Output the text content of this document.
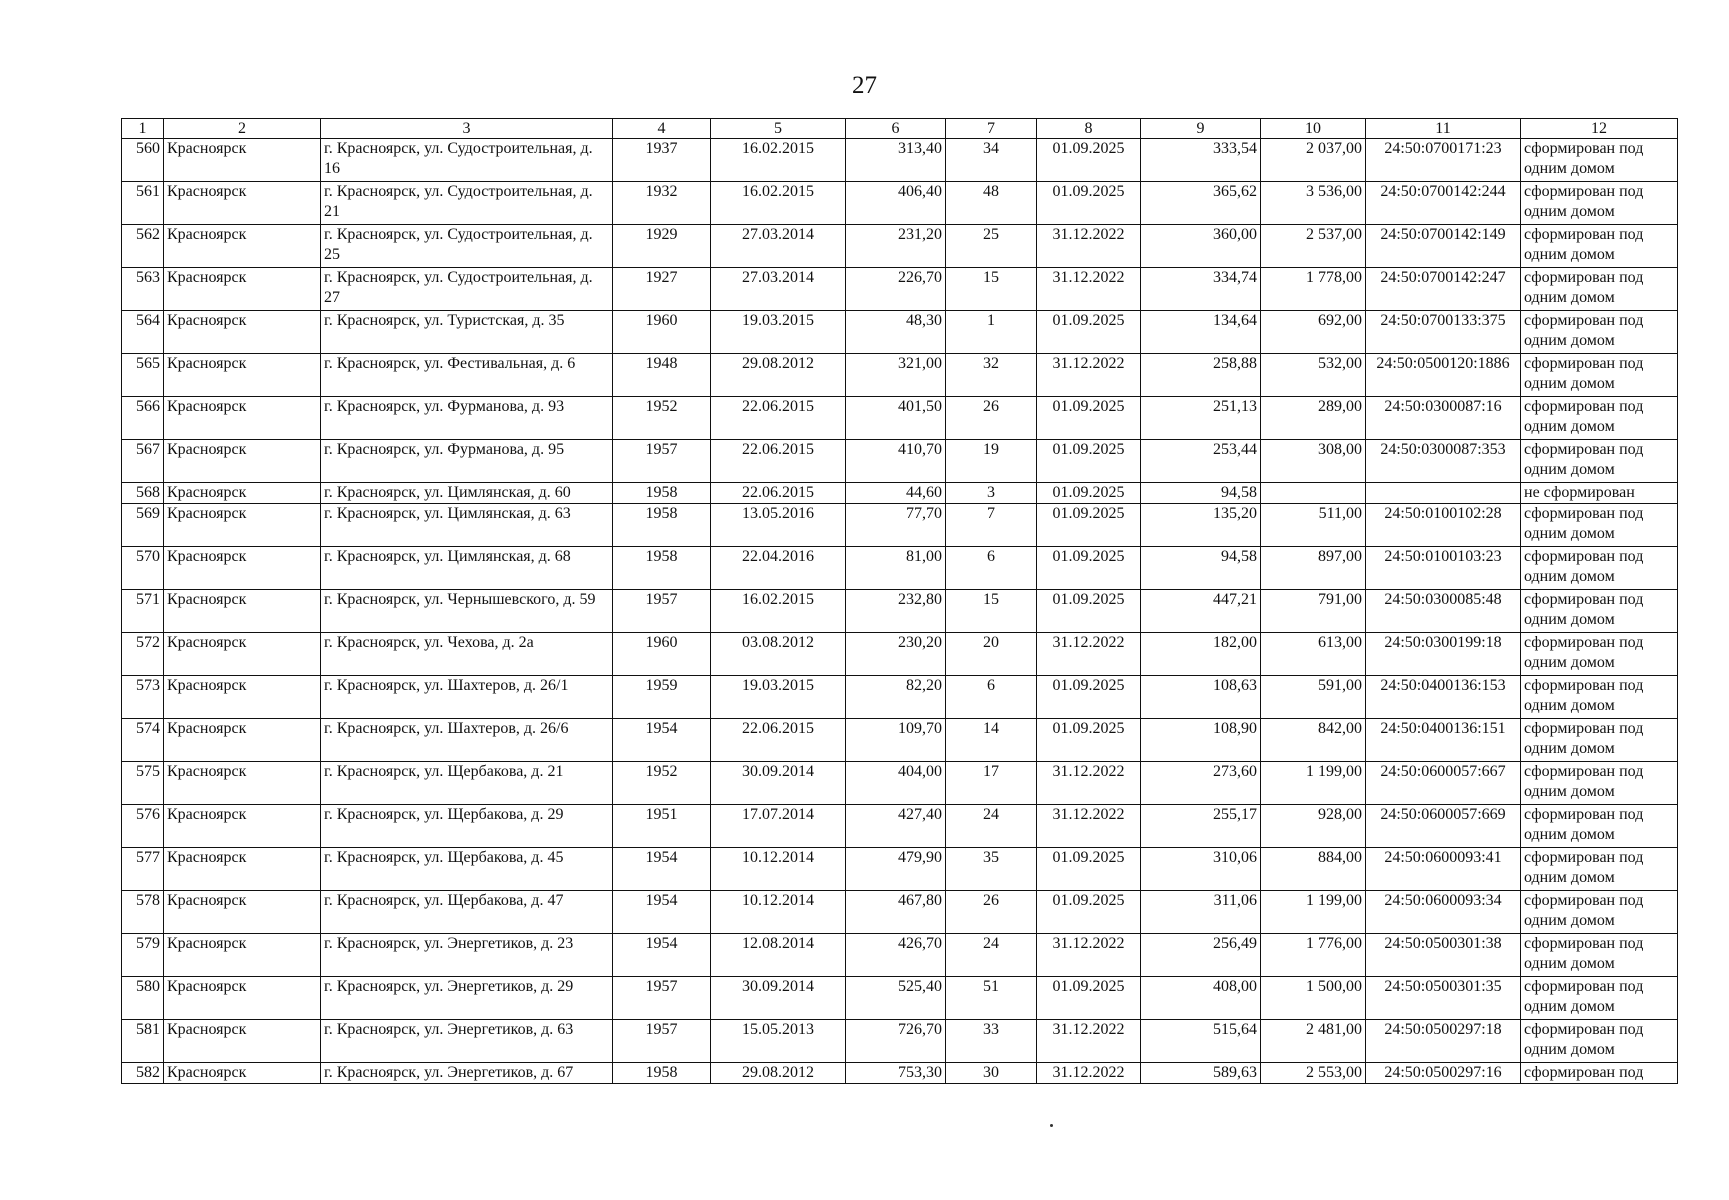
27
1	2	3	4	5	6	7	8	9	10	11	12
560	Красноярск	г. Красноярск, ул. Судостроительная, д. 16	1937	16.02.2015	313,40	34	01.09.2025	333,54	2 037,00	24:50:0700171:23	сформирован под одним домом
561	Красноярск	г. Красноярск, ул. Судостроительная, д. 21	1932	16.02.2015	406,40	48	01.09.2025	365,62	3 536,00	24:50:0700142:244	сформирован под одним домом
562	Красноярск	г. Красноярск, ул. Судостроительная, д. 25	1929	27.03.2014	231,20	25	31.12.2022	360,00	2 537,00	24:50:0700142:149	сформирован под одним домом
563	Красноярск	г. Красноярск, ул. Судостроительная, д. 27	1927	27.03.2014	226,70	15	31.12.2022	334,74	1 778,00	24:50:0700142:247	сформирован под одним домом
564	Красноярск	г. Красноярск, ул. Туристская, д. 35	1960	19.03.2015	48,30	1	01.09.2025	134,64	692,00	24:50:0700133:375	сформирован под одним домом
565	Красноярск	г. Красноярск, ул. Фестивальная, д. 6	1948	29.08.2012	321,00	32	31.12.2022	258,88	532,00	24:50:0500120:1886	сформирован под одним домом
566	Красноярск	г. Красноярск, ул. Фурманова, д. 93	1952	22.06.2015	401,50	26	01.09.2025	251,13	289,00	24:50:0300087:16	сформирован под одним домом
567	Красноярск	г. Красноярск, ул. Фурманова, д. 95	1957	22.06.2015	410,70	19	01.09.2025	253,44	308,00	24:50:0300087:353	сформирован под одним домом
568	Красноярск	г. Красноярск, ул. Цимлянская, д. 60	1958	22.06.2015	44,60	3	01.09.2025	94,58			не сформирован
569	Красноярск	г. Красноярск, ул. Цимлянская, д. 63	1958	13.05.2016	77,70	7	01.09.2025	135,20	511,00	24:50:0100102:28	сформирован под одним домом
570	Красноярск	г. Красноярск, ул. Цимлянская, д. 68	1958	22.04.2016	81,00	6	01.09.2025	94,58	897,00	24:50:0100103:23	сформирован под одним домом
571	Красноярск	г. Красноярск, ул. Чернышевского, д. 59	1957	16.02.2015	232,80	15	01.09.2025	447,21	791,00	24:50:0300085:48	сформирован под одним домом
572	Красноярск	г. Красноярск, ул. Чехова, д. 2а	1960	03.08.2012	230,20	20	31.12.2022	182,00	613,00	24:50:0300199:18	сформирован под одним домом
573	Красноярск	г. Красноярск, ул. Шахтеров, д. 26/1	1959	19.03.2015	82,20	6	01.09.2025	108,63	591,00	24:50:0400136:153	сформирован под одним домом
574	Красноярск	г. Красноярск, ул. Шахтеров, д. 26/6	1954	22.06.2015	109,70	14	01.09.2025	108,90	842,00	24:50:0400136:151	сформирован под одним домом
575	Красноярск	г. Красноярск, ул. Щербакова, д. 21	1952	30.09.2014	404,00	17	31.12.2022	273,60	1 199,00	24:50:0600057:667	сформирован под одним домом
576	Красноярск	г. Красноярск, ул. Щербакова, д. 29	1951	17.07.2014	427,40	24	31.12.2022	255,17	928,00	24:50:0600057:669	сформирован под одним домом
577	Красноярск	г. Красноярск, ул. Щербакова, д. 45	1954	10.12.2014	479,90	35	01.09.2025	310,06	884,00	24:50:0600093:41	сформирован под одним домом
578	Красноярск	г. Красноярск, ул. Щербакова, д. 47	1954	10.12.2014	467,80	26	01.09.2025	311,06	1 199,00	24:50:0600093:34	сформирован под одним домом
579	Красноярск	г. Красноярск, ул. Энергетиков, д. 23	1954	12.08.2014	426,70	24	31.12.2022	256,49	1 776,00	24:50:0500301:38	сформирован под одним домом
580	Красноярск	г. Красноярск, ул. Энергетиков, д. 29	1957	30.09.2014	525,40	51	01.09.2025	408,00	1 500,00	24:50:0500301:35	сформирован под одним домом
581	Красноярск	г. Красноярск, ул. Энергетиков, д. 63	1957	15.05.2013	726,70	33	31.12.2022	515,64	2 481,00	24:50:0500297:18	сформирован под одним домом
582	Красноярск	г. Красноярск, ул. Энергетиков, д. 67	1958	29.08.2012	753,30	30	31.12.2022	589,63	2 553,00	24:50:0500297:16	сформирован под
